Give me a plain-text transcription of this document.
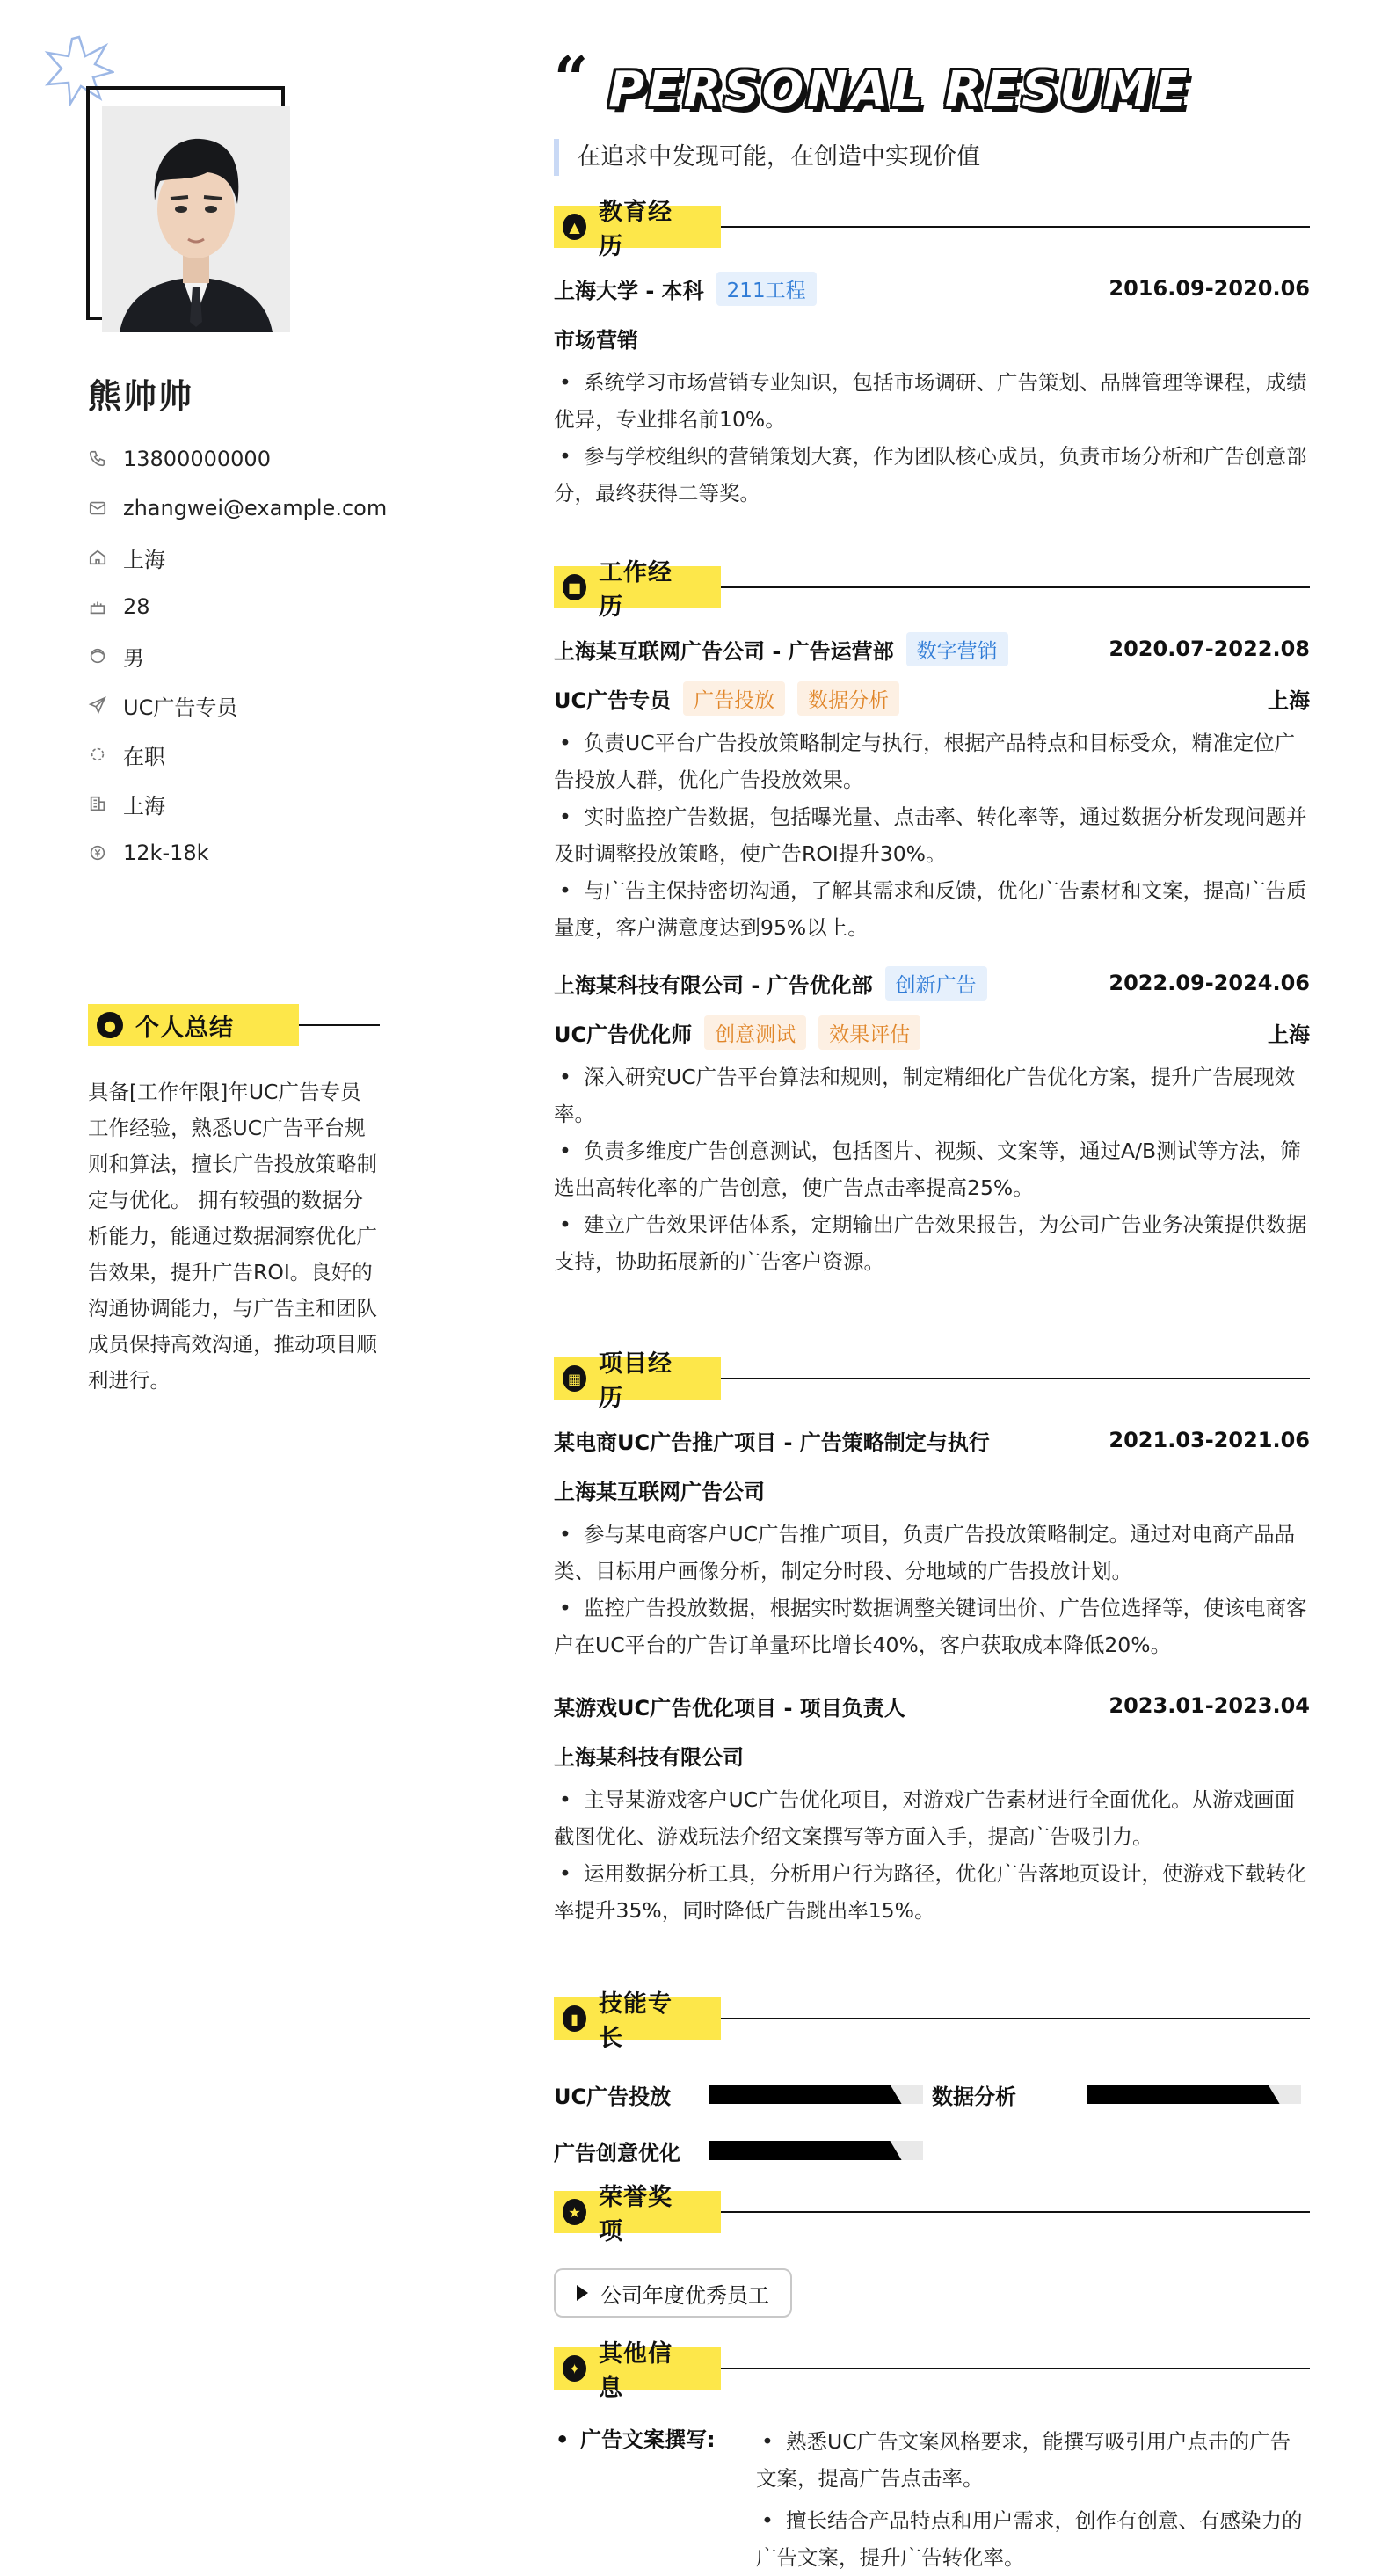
熊帅帅
13800000000
zhangwei@example.com
上海
28
男
UC广告专员
在职
上海
12k-18k
● 个人总结

具备[工作年限]年UC广告专员工作经验，熟悉UC广告平台规则和算法，擅长广告投放策略制定与优化。 拥有较强的数据分析能力，能通过数据洞察优化广告效果，提升广告ROI。良好的沟通协调能力，与广告主和团队成员保持高效沟通，推动项目顺利进行。

“ PERSONAL RESUME
在追求中发现可能，在创造中实现价值
▲
教育经历
上海大学 - 本科	211工程	2016.09-2020.06
市场营销
• 系统学习市场营销专业知识，包括市场调研、广告策划、品牌管理等课程，成绩优异，专业排名前10%。
• 参与学校组织的营销策划大赛，作为团队核心成员，负责市场分析和广告创意部分，最终获得二等奖。
■
工作经历
上海某互联网广告公司 - 广告运营部	数字营销	2020.07-2022.08
UC广告专员	广告投放	数据分析	上海
• 负责UC平台广告投放策略制定与执行，根据产品特点和目标受众，精准定位广告投放人群，优化广告投放效果。
• 实时监控广告数据，包括曝光量、点击率、转化率等，通过数据分析发现问题并及时调整投放策略，使广告ROI提升30%。
• 与广告主保持密切沟通，了解其需求和反馈，优化广告素材和文案，提高广告质量度，客户满意度达到95%以上。
上海某科技有限公司 - 广告优化部	创新广告	2022.09-2024.06
UC广告优化师	创意测试	效果评估	上海
• 深入研究UC广告平台算法和规则，制定精细化广告优化方案，提升广告展现效率。
• 负责多维度广告创意测试，包括图片、视频、文案等，通过A/B测试等方法，筛选出高转化率的广告创意，使广告点击率提高25%。
• 建立广告效果评估体系，定期输出广告效果报告，为公司广告业务决策提供数据支持，协助拓展新的广告客户资源。
▦
项目经历
某电商UC广告推广项目 - 广告策略制定与执行	2021.03-2021.06
上海某互联网广告公司
• 参与某电商客户UC广告推广项目，负责广告投放策略制定。通过对电商产品品类、目标用户画像分析，制定分时段、分地域的广告投放计划。
• 监控广告投放数据，根据实时数据调整关键词出价、广告位选择等，使该电商客户在UC平台的广告订单量环比增长40%，客户获取成本降低20%。
某游戏UC广告优化项目 - 项目负责人	2023.01-2023.04
上海某科技有限公司
• 主导某游戏客户UC广告优化项目，对游戏广告素材进行全面优化。从游戏画面截图优化、游戏玩法介绍文案撰写等方面入手，提高广告吸引力。
• 运用数据分析工具，分析用户行为路径，优化广告落地页设计，使游戏下载转化率提升35%，同时降低广告跳出率15%。
▮
技能专长
UC广告投放	数据分析
广告创意优化
★
荣誉奖项
公司年度优秀员工
✦
其他信息
• 广告文案撰写:
•	熟悉UC广告文案风格要求，能撰写吸引用户点击的广告文案，提高广告点击率。
• 擅长结合产品特点和用户需求，创作有创意、有感染力的广告文案，提升广告转化率。
